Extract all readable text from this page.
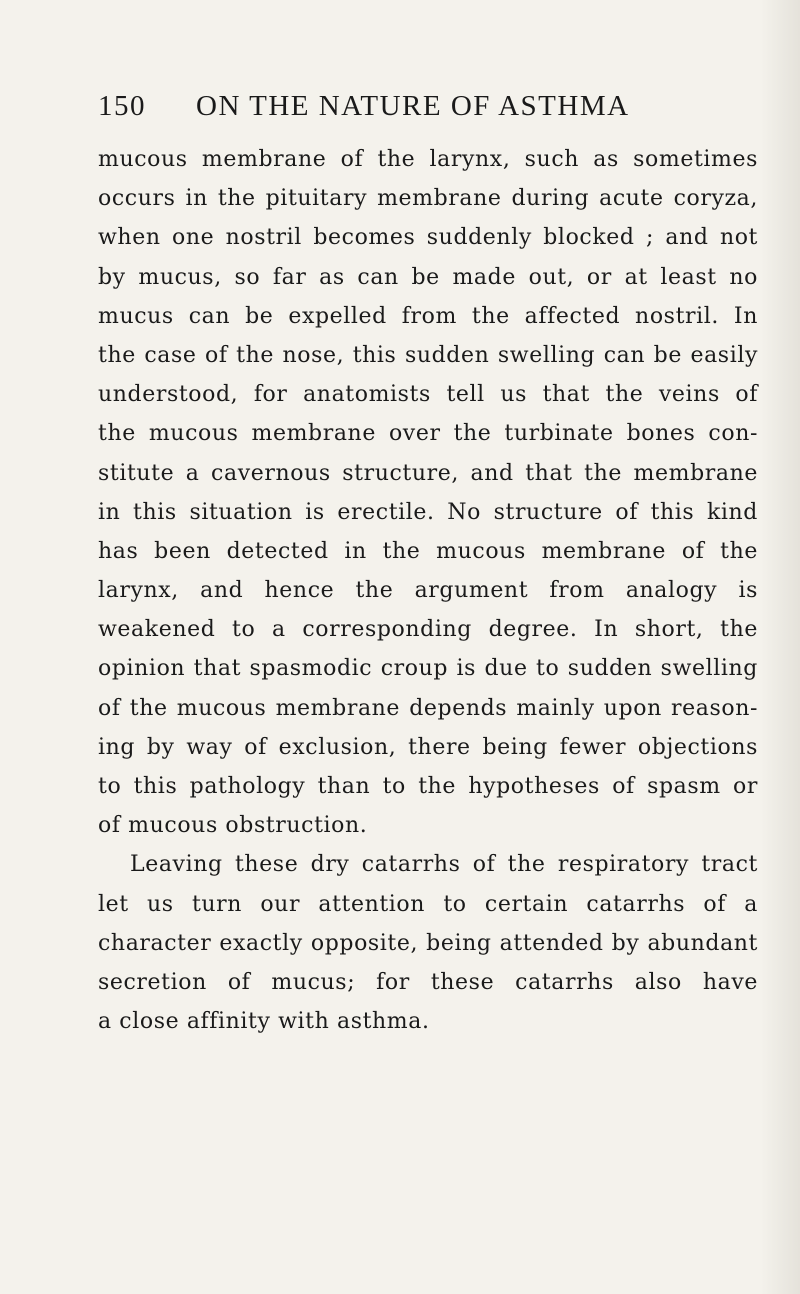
150 ON THE NATURE OF ASTHMA
mucous membrane of the larynx, such as sometimes
occurs in the pituitary membrane during acute coryza,
when one nostril becomes suddenly blocked ; and not
by mucus, so far as can be made out, or at least no
mucus can be expelled from the affected nostril. In
the case of the nose, this sudden swelling can be easily
understood, for anatomists tell us that the veins of
the mucous membrane over the turbinate bones con-
stitute a cavernous structure, and that the membrane
in this situation is erectile. No structure of this kind
has been detected in the mucous membrane of the
larynx, and hence the argument from analogy is
weakened to a corresponding degree. In short, the
opinion that spasmodic croup is due to sudden swelling
of the mucous membrane depends mainly upon reason-
ing by way of exclusion, there being fewer objections
to this pathology than to the hypotheses of spasm or
of mucous obstruction.
Leaving these dry catarrhs of the respiratory tract
let us turn our attention to certain catarrhs of a
character exactly opposite, being attended by abundant
secretion of mucus; for these catarrhs also have
a close affinity with asthma.
